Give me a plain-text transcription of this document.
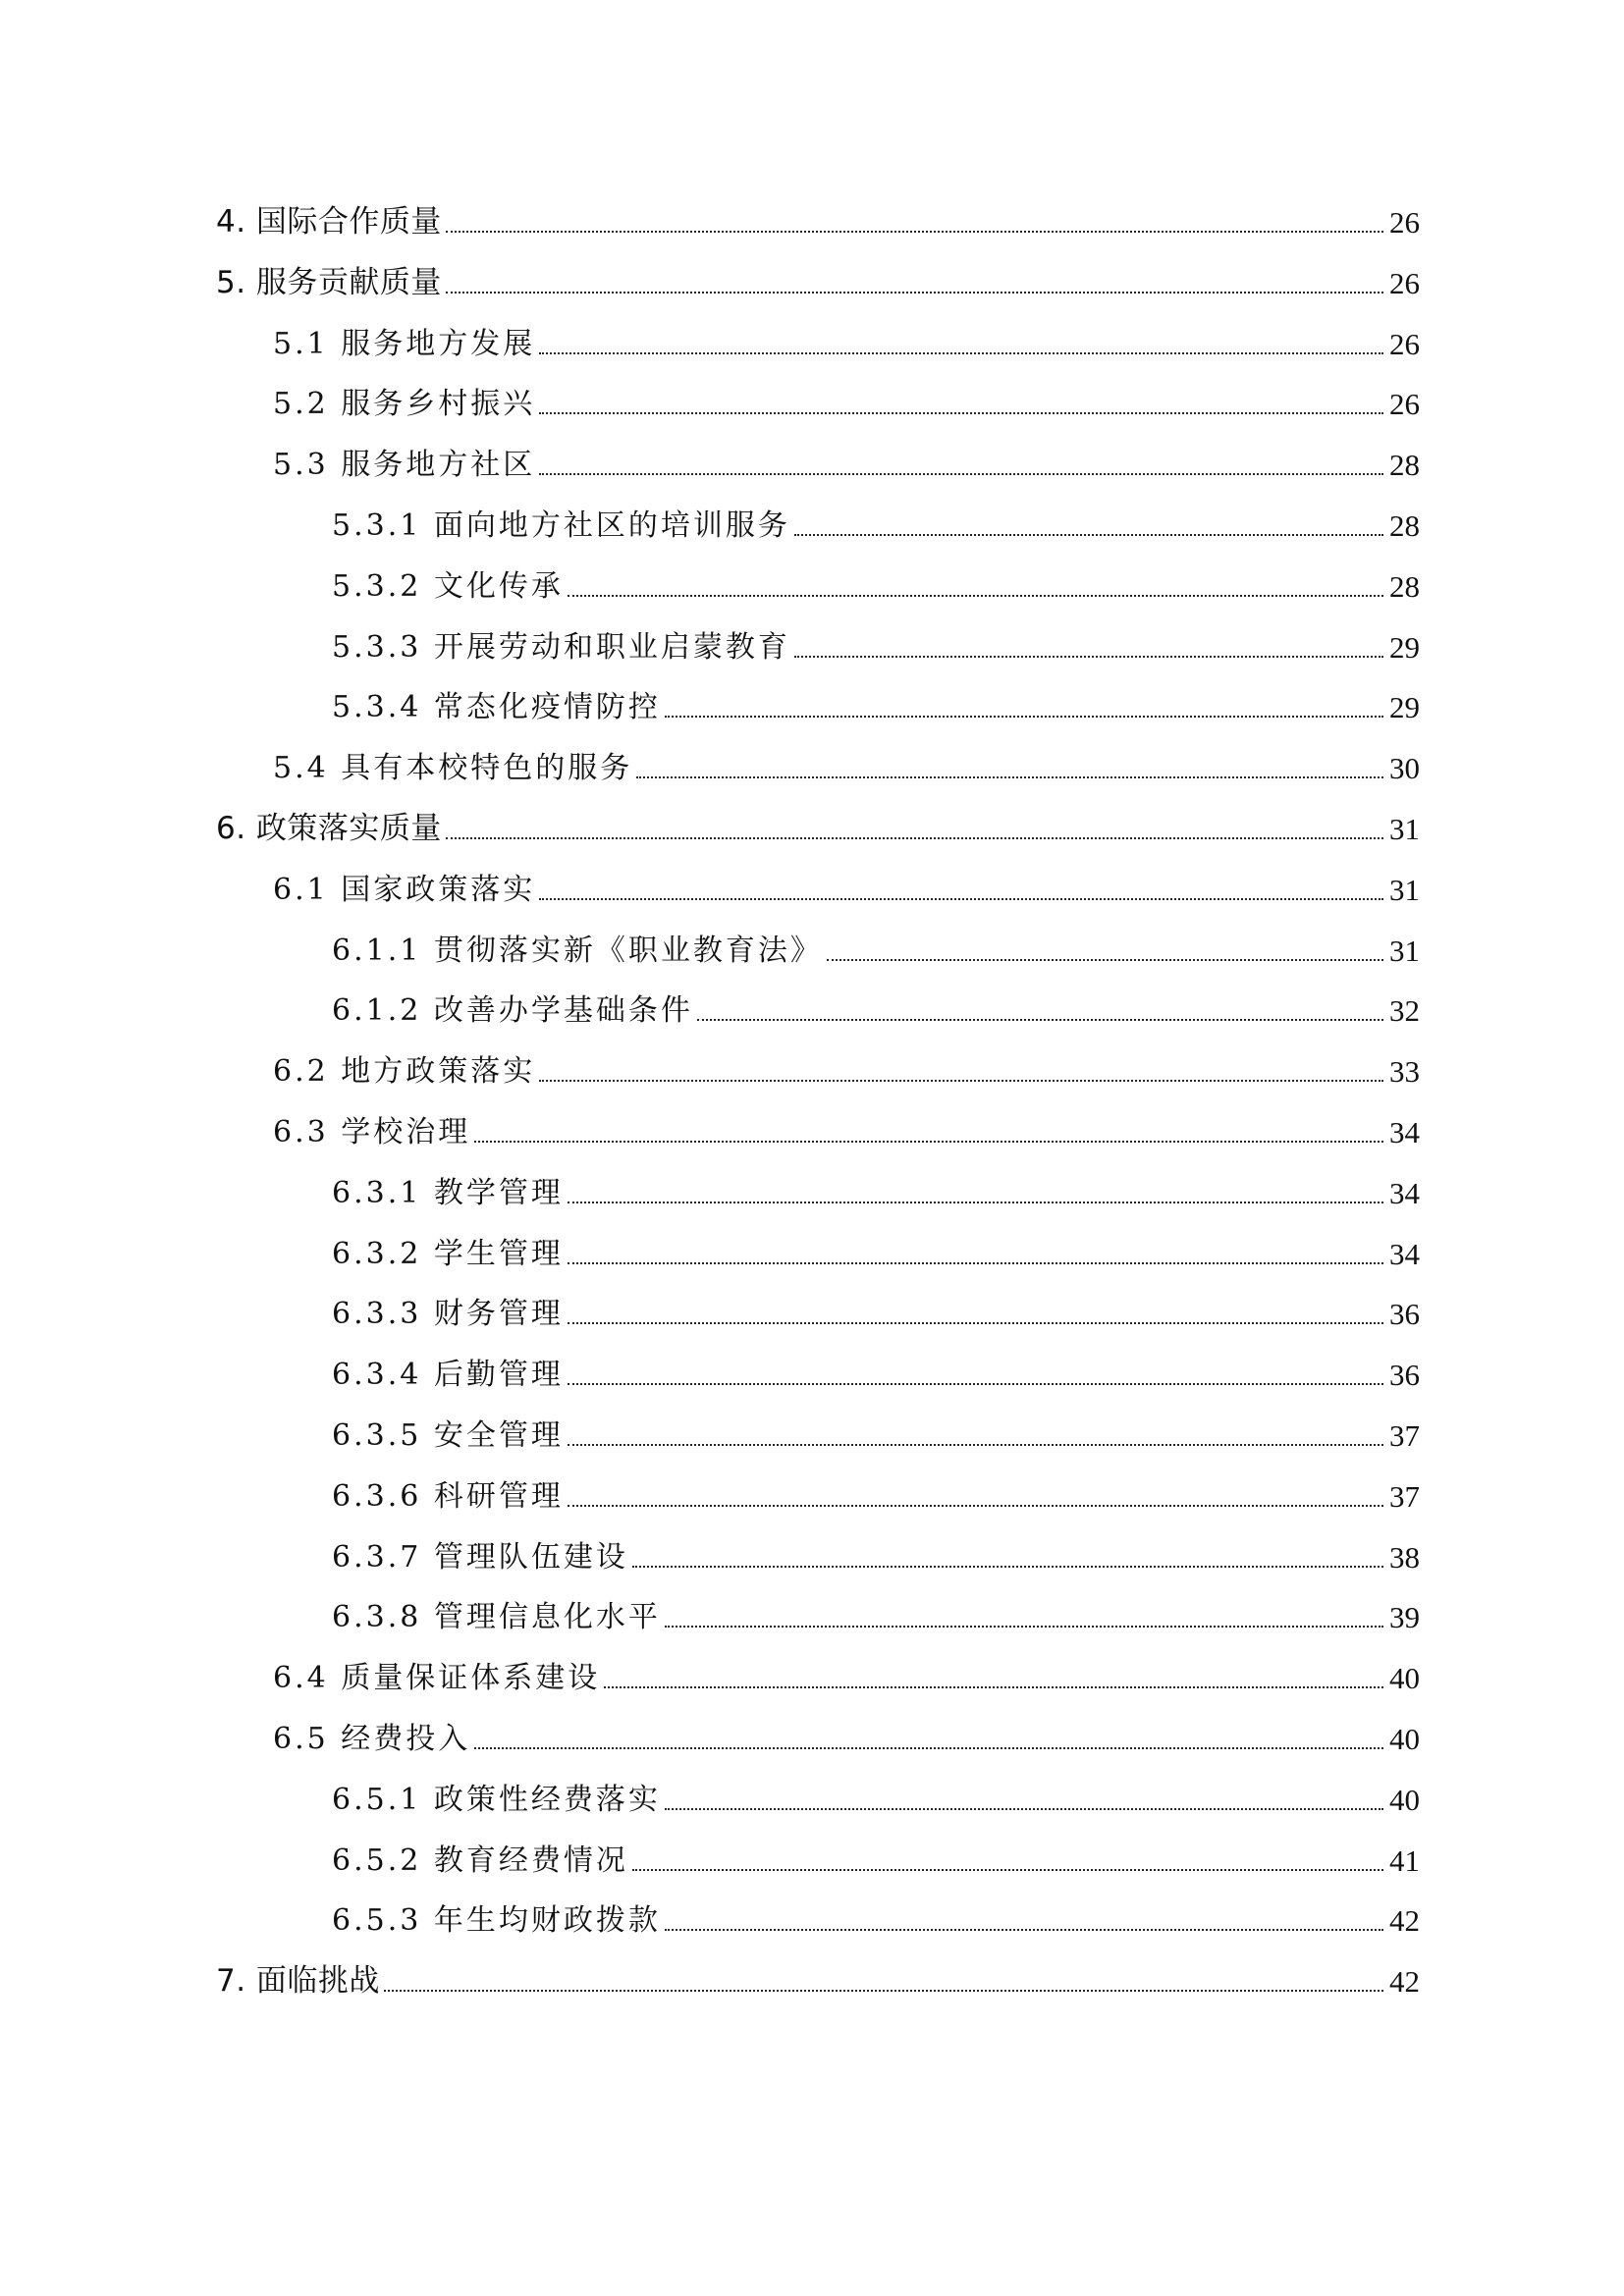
4. 国际合作质量	26
5. 服务贡献质量	26
5.1 服务地方发展	26
5.2 服务乡村振兴	26
5.3 服务地方社区	28
5.3.1 面向地方社区的培训服务	28
5.3.2 文化传承	28
5.3.3 开展劳动和职业启蒙教育	29
5.3.4 常态化疫情防控	29
5.4 具有本校特色的服务	30
6. 政策落实质量	31
6.1 国家政策落实	31
6.1.1 贯彻落实新《职业教育法》	31
6.1.2 改善办学基础条件	32
6.2 地方政策落实	33
6.3 学校治理	34
6.3.1 教学管理	34
6.3.2 学生管理	34
6.3.3 财务管理	36
6.3.4 后勤管理	36
6.3.5 安全管理	37
6.3.6 科研管理	37
6.3.7 管理队伍建设	38
6.3.8 管理信息化水平	39
6.4 质量保证体系建设	40
6.5 经费投入	40
6.5.1 政策性经费落实	40
6.5.2 教育经费情况	41
6.5.3 年生均财政拨款	42
7. 面临挑战	42
